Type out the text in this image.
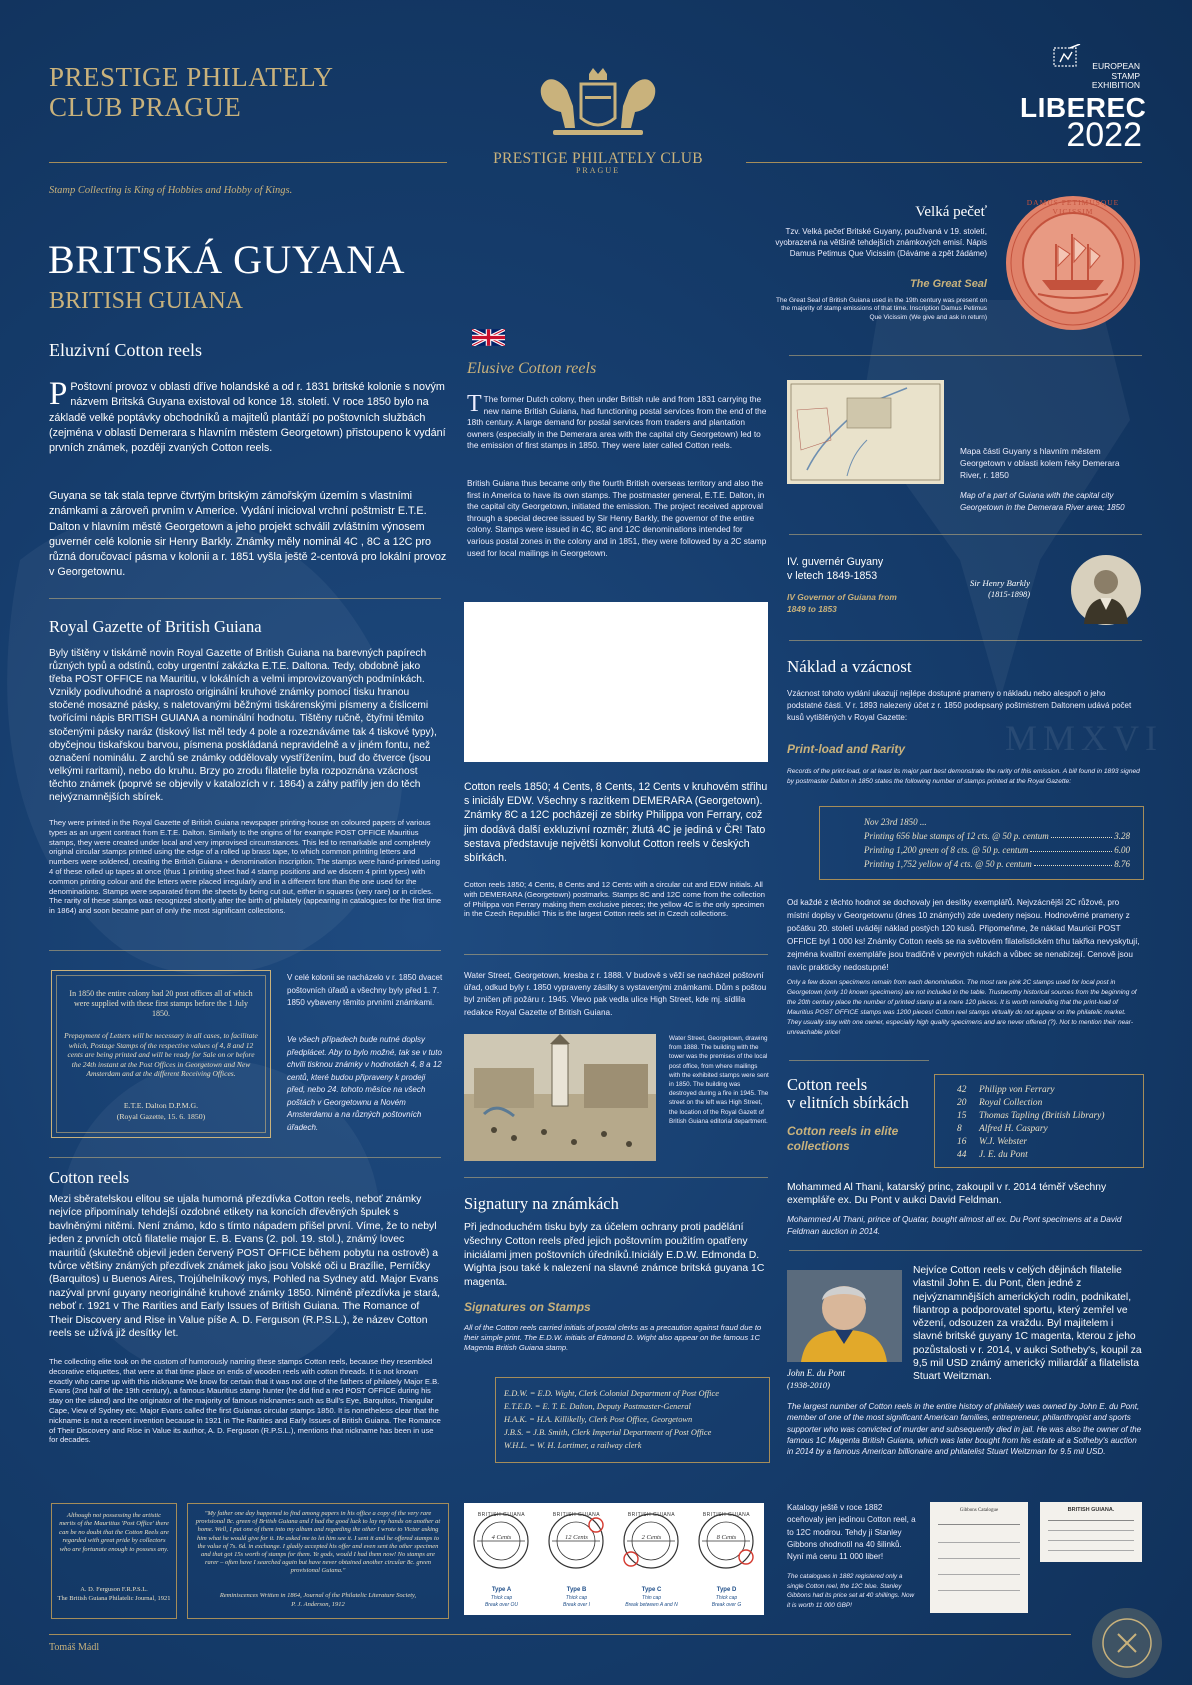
MMXVI
PRESTIGE PHILATELY
CLUB PRAGUE
PRESTIGE PHILATELY CLUB
PRAGUE
EUROPEAN
STAMP
EXHIBITION
LIBEREC
2022
Stamp Collecting is King of Hobbies and Hobby of Kings.
BRITSKÁ GUYANA
BRITISH GUIANA
Velká pečeť
Tzv. Velká pečeť Britské Guyany, používaná v 19. století, vyobrazená na většině tehdejších známkových emisí. Nápis Damus Petimus Que Vicissim (Dáváme a zpět žádáme)
The Great Seal
The Great Seal of British Guiana used in the 19th century was present on the majority of stamp emissions of that time. Inscription Damus Petimus Que Vicissim (We give and ask in return)
DAMUS PETIMUSQUE VICISSIM
Eluzivní Cotton reels
P Poštovní provoz v oblasti dříve holandské a od r. 1831 britské kolonie s novým názvem Britská Guyana existoval od konce 18. století. V roce 1850 bylo na základě velké poptávky obchodníků a majitelů plantáží po poštovních službách (zejména v oblasti Demerara s hlavním městem Georgetown) přistoupeno k vydání prvních známek, později zvaných Cotton reels.
Guyana se tak stala teprve čtvrtým britským zámořským územím s vlastními známkami a zároveň prvním v Americe. Vydání inicioval vrchní poštmistr E.T.E. Dalton v hlavním městě Georgetown a jeho projekt schválil zvláštním výnosem guvernér celé kolonie sir Henry Barkly. Známky měly nominál 4C , 8C a 12C pro různá doručovací pásma v kolonii a r. 1851 vyšla ještě 2-centová pro lokální provoz v Georgetownu.
Royal Gazette of British Guiana
Byly tištěny v tiskárně novin Royal Gazette of British Guiana na barevných papírech různých typů a odstínů, coby urgentní zakázka E.T.E. Daltona. Tedy, obdobně jako třeba POST OFFICE na Mauritiu, v lokálních a velmi improvizovaných podmínkách. Vznikly podivuhodné a naprosto originální kruhové známky pomocí tisku hranou stočené mosazné pásky, s naletovanými běžnými tiskárenskými písmeny a číslicemi tvořícími nápis BRITISH GUIANA a nominální hodnotu. Tištěny ručně, čtyřmi těmito stočenými pásky naráz (tiskový list měl tedy 4 pole a rozeznáváme tak 4 tiskové typy), obyčejnou tiskařskou barvou, písmena poskládaná nepravidelně a v jiném fontu, než označení nominálu. Z archů se známky oddělovaly vystřížením, buď do čtverce (jsou velkými raritami), nebo do kruhu. Brzy po zrodu filatelie byla rozpoznána vzácnost těchto známek (poprvé se objevily v katalozích v r. 1864) a záhy patřily jen do těch nejvýznamnějších sbírek.
They were printed in the Royal Gazette of British Guiana newspaper printing-house on coloured papers of various types as an urgent contract from E.T.E. Dalton. Similarly to the origins of for example POST OFFICE Mauritius stamps, they were created under local and very improvised circumstances. This led to remarkable and completely original circular stamps printed using the edge of a rolled up brass tape, to which common printing letters and numbers were soldered, creating the British Guiana + denomination inscription. The stamps were hand-printed using 4 of these rolled up tapes at once (thus 1 printing sheet had 4 stamp positions and we discern 4 print types) with common printing colour and the letters were placed irregularly and in a different font than the one used for the denominations. Stamps were separated from the sheets by being cut out, either in squares (very rare) or in circles. The rarity of these stamps was recognized shortly after the birth of philately (appearing in catalogues for the first time in 1864) and soon became part of only the most significant collections.
In 1850 the entire colony had 20 post offices all of which were supplied with these first stamps before the 1 July 1850.
Prepayment of Letters will be necessary in all cases, to facilitate which, Postage Stamps of the respective values of 4, 8 and 12 cents are being printed and will be ready for Sale on or before the 24th instant at the Post Offices in Georgetown and New Amsterdam and at the different Receiving Offices.
E.T.E. Dalton D.P.M.G.
(Royal Gazette, 15. 6. 1850)
V celé kolonii se nacházelo v r. 1850 dvacet poštovních úřadů a všechny byly před 1. 7. 1850 vybaveny těmito prvními známkami.
Ve všech případech bude nutné doplsy předplácet. Aby to bylo možné, tak se v tuto chvíli tisknou známky v hodnotách 4, 8 a 12 centů, které budou připraveny k prodeji před, nebo 24. tohoto měsíce na všech poštách v Georgetownu a Novém Amsterdamu a na různých poštovních úřadech.
Cotton reels
Mezi sběratelskou elitou se ujala humorná přezdívka Cotton reels, neboť známky nejvíce připomínaly tehdejší ozdobné etikety na koncích dřevěných špulek s bavlněnými nitěmi. Není známo, kdo s tímto nápadem přišel první. Víme, že to nebyl jeden z prvních otců filatelie major E. B. Evans (2. pol. 19. stol.), známý lovec mauritiů (skutečně objevil jeden červený POST OFFICE během pobytu na ostrově) a tvůrce většiny známých přezdívek známek jako jsou Volské oči u Brazílie, Perníčky (Barquitos) u Buenos Aires, Trojúhelníkový mys, Pohled na Sydney atd. Major Evans nazýval první guyany neoriginálně kruhové známky 1850. Niméně přezdívka je stará, neboť r. 1921 v The Rarities and Early Issues of British Guiana. The Romance of Their Discovery and Rise in Value píše A. D. Ferguson (R.P.S.L.), že název Cotton reels se užívá již desítky let.
The collecting elite took on the custom of humorously naming these stamps Cotton reels, because they resembled decorative etiquettes, that were at that time place on ends of wooden reels with cotton threads. It is not known exactly who came up with this nickname We know for certain that it was not one of the fathers of philately Major E.B. Evans (2nd half of the 19th century), a famous Mauritius stamp hunter (he did find a red POST OFFICE during his stay on the island) and the originator of the majority of famous nicknames such as Bull's Eye, Barquitos, Triangular Cape, View of Sydney etc. Major Evans called the first Guianas circular stamps 1850. It is nonetheless clear that the nickname is not a recent invention because in 1921 in The Rarities and Early Issues of British Guiana. The Romance of Their Discovery and Rise in Value its author, A. D. Ferguson (R.P.S.L.), mentions that nickname has been in use for decades.
Although not possessing the artistic merits of the Mauritius 'Post Office' there can be no doubt that the Cotton Reels are regarded with great pride by collectors who are fortunate enough to possess any.
A. D. Ferguson F.R.P.S.L.
The British Guiana Philatelic Journal, 1921
"My father one day happened to find among papers in his office a copy of the very rare provisional 8c. green of British Guiana and I had the good luck to lay my hands on another at home. Well, I put one of them into my album and regarding the other I wrote to Victor asking him what he would give for it. He asked me to let him see it. I sent it and he offered stamps to the value of 7s. 6d. in exchange. I gladly accepted his offer and even sent the other specimen and that got 15s worth of stamps for them. Ye gods, would I had them now! No stamps are rarer – often have I searched again but have never obtained another circular 8c. green provisional Guiana."
Reminiscences Written in 1864, Journal of the Philatelic Literature Society,
P. J. Anderson, 1912
Tomáš Mádl
Elusive Cotton reels
T The former Dutch colony, then under British rule and from 1831 carrying the new name British Guiana, had functioning postal services from the end of the 18th century. A large demand for postal services from traders and plantation owners (especially in the Demerara area with the capital city Georgetown) led to the emission of first stamps in 1850. They were later called Cotton reels.
British Guiana thus became only the fourth British overseas territory and also the first in America to have its own stamps. The postmaster general, E.T.E. Dalton, in the capital city Georgetown, initiated the emission. The project received approval through a special decree issued by Sir Henry Barkly, the governor of the entire colony. Stamps were issued in 4C, 8C and 12C denominations intended for various postal zones in the colony and in 1851, they were followed by a 2C stamp used for local mailings in Georgetown.
Cotton reels 1850; 4 Cents, 8 Cents, 12 Cents v kruhovém střihu s iniciály EDW. Všechny s razítkem DEMERARA (Georgetown). Známky 8C a 12C pocházejí ze sbírky Philippa von Ferrary, což jim dodává další exkluzivní rozměr; žlutá 4C je jediná v ČR! Tato sestava představuje největší konvolut Cotton reels v českých sbírkách.
Cotton reels 1850; 4 Cents, 8 Cents and 12 Cents with a circular cut and EDW initials. All with DEMERARA (Georgetown) postmarks. Stamps 8C and 12C come from the collection of Philippa von Ferrary making them exclusive pieces; the yellow 4C is the only specimen in the Czech Republic! This is the largest Cotton reels set in Czech collections.
Water Street, Georgetown, kresba z r. 1888. V budově s věží se nacházel poštovní úřad, odkud byly r. 1850 vypraveny zásilky s vystavenými známkami. Dům s poštou byl zničen při požáru r. 1945. Vlevo pak vedla ulice High Street, kde mj. sídlila redakce Royal Gazette of British Guiana.
Water Street, Georgetown, drawing from 1888. The building with the tower was the premises of the local post office, from where mailings with the exhibited stamps were sent in 1850. The building was destroyed during a fire in 1945. The street on the left was High Street, the location of the Royal Gazett of British Guiana editorial department.
Signatury na známkách
Při jednoduchém tisku byly za účelem ochrany proti padělání všechny Cotton reels před jejich poštovním použitím opatřeny iniciálami jmen poštovních úředníků.Iniciály E.D.W. Edmonda D. Wighta jsou také k nalezení na slavné známce britská guyana 1C magenta.
Signatures on Stamps
All of the Cotton reels carried initials of postal clerks as a precaution against fraud due to their simple print. The E.D.W. initials of Edmond D. Wight also appear on the famous 1C Magenta British Guiana stamp.
E.D.W. = E.D. Wight, Clerk Colonial Department of Post Office
E.T.E.D. = E. T. E. Dalton, Deputy Postmaster-General
H.A.K. = H.A. Killikelly, Clerk Post Office, Georgetown
J.B.S. = J.B. Smith, Clerk Imperial Department of Post Office
W.H.L. = W. H. Lortimer, a railway clerk
BRITISH GUIANA
4 Cents
Type A
Thick cap
Break over OU
BRITISH GUIANA
12 Cents
Type B
Thick cap
Break over I
BRITISH GUIANA
2 Cents
Type C
Thin cap
Break between A and N
BRITISH GUIANA
8 Cents
Type D
Thick cap
Break over G
Mapa části Guyany s hlavním městem Georgetown v oblasti kolem řeky Demerara River, r. 1850
Map of a part of Guiana with the capital city Georgetown in the Demerara River area; 1850
IV. guvernér Guyany
v letech 1849-1853
IV Governor of Guiana from
1849 to 1853
Sir Henry Barkly
(1815-1898)
Náklad a vzácnost
Vzácnost tohoto vydání ukazují nejlépe dostupné prameny o nákladu nebo alespoň o jeho podstatné části. V r. 1893 nalezený účet z r. 1850 podepsaný poštmistrem Daltonem udává počet kusů vytištěných v Royal Gazette:
Print-load and Rarity
Records of the print-load, or at least its major part best demonstrate the rarity of this emission. A bill found in 1893 signed by postmaster Dalton in 1850 states the following number of stamps printed at the Royal Gazette:
Nov 23rd 1850 ...
Printing 656 blue stamps of 12 cts. @ 50 p. centum	3.28
Printing 1,200 green of 8 cts. @ 50 p. centum	6.00
Printing 1,752 yellow of 4 cts. @ 50 p. centum	8.76
Od každé z těchto hodnot se dochovaly jen desítky exemplářů. Nejvzácnější 2C růžové, pro místní doplsy v Georgetownu (dnes 10 známých) zde uvedeny nejsou. Hodnověrné prameny z počátku 20. století uvádějí náklad postých 120 kusů. Připomeňme, že náklad Mauricií POST OFFICE byl 1 000 ks! Známky Cotton reels se na světovém filatelistickém trhu takřka nevyskytují, zejména kvalitní exempláře jsou tradičně v pevných rukách a vůbec se nenabízejí. Cenově jsou navíc prakticky nedostupné!
Only a few dozen specimens remain from each denomination. The most rare pink 2C stamps used for local post in Georgetown (only 10 known specimens) are not included in the table. Trustworthy historical sources from the beginning of the 20th century place the number of printed stamp at a mere 120 pieces. It is worth reminding that the print-load of Mauritius POST OFFICE stamps was 1200 pieces! Cotton reel stamps virtually do not appear on the philatelic market. They usually stay with one owner, especially high quality specimens and are never offered (?). Not to mention their near-unreachable price!
Cotton reels
v elitních sbírkách
Cotton reels in elite collections
42 Philipp von Ferrary
20 Royal Collection
15 Thomas Tapling (British Library)
8 Alfred H. Caspary
16 W.J. Webster
44 J. E. du Pont
Mohammed Al Thani, katarský princ, zakoupil v r. 2014 téměř všechny exempláře ex. Du Pont v aukci David Feldman.
Mohammed Al Thani, prince of Quatar, bought almost all ex. Du Pont specimens at a David Feldman auction in 2014.
John E. du Pont
(1938-2010)
Nejvíce Cotton reels v celých dějinách filatelie vlastnil John E. du Pont, člen jedné z nejvýznamnějších amerických rodin, podnikatel, filantrop a podporovatel sportu, který zemřel ve vězení, odsouzen za vraždu. Byl majitelem i slavné britské guyany 1C magenta, kterou z jeho pozůstalosti v r. 2014, v aukci Sotheby's, koupil za 9,5 mil USD známý americký miliardář a filatelista Stuart Weitzman.
The largest number of Cotton reels in the entire history of philately was owned by John E. du Pont, member of one of the most significant American families, entrepreneur, philanthropist and sports supporter who was convicted of murder and subsequently died in jail. He was also the owner of the famous 1C Magenta British Guiana, which was later bought from his estate at a Sotheby's auction in 2014 by a famous American billionaire and philatelist Stuart Weitzman for 9.5 mil USD.
Katalogy ještě v roce 1882 oceňovaly jen jedinou Cotton reel, a to 12C modrou. Tehdy ji Stanley Gibbons ohodnotil na 40 šilinků. Nyní má cenu 11 000 liber!
The catalogues in 1882 registered only a single Cotton reel, the 12C blue. Stanley Gibbons had its price set at 40 shillings. Now it is worth 11 000 GBP!
Gibbons Catalogue	BRITISH GUIANA.
